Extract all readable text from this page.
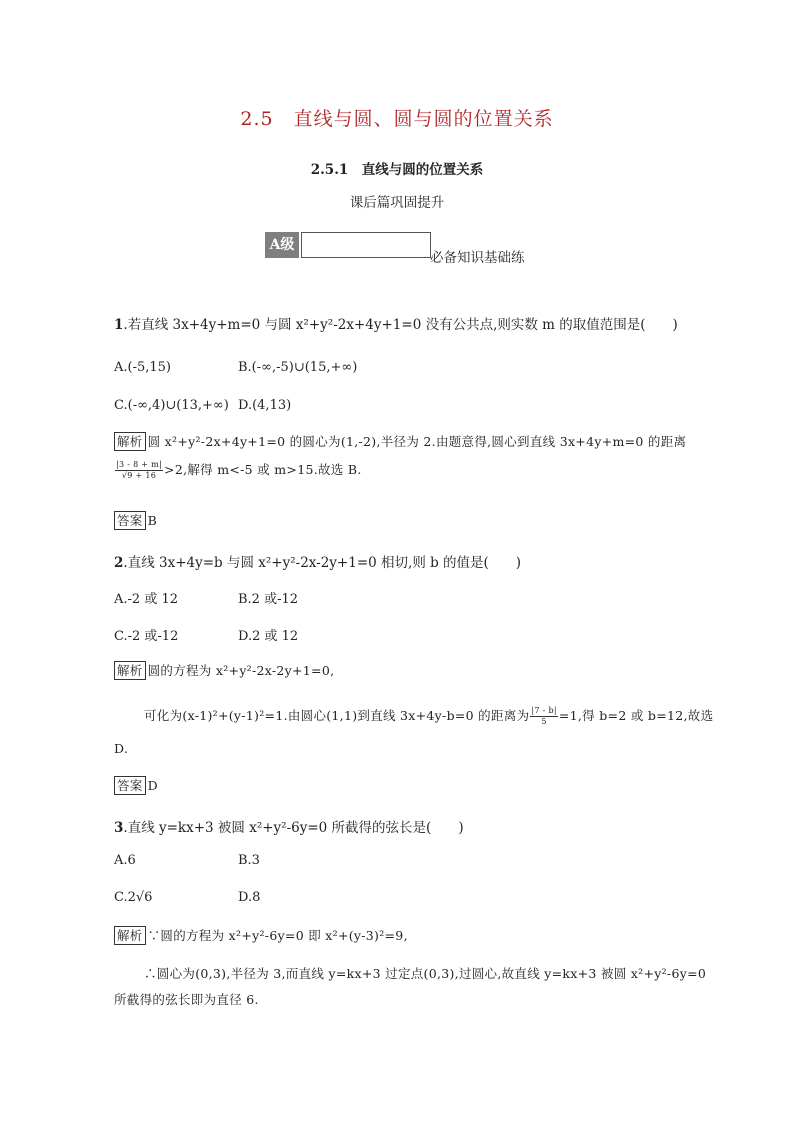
2.5　直线与圆、圆与圆的位置关系
2.5.1　直线与圆的位置关系
课后篇巩固提升
A级
必备知识基础练
1.若直线 3x+4y+m=0 与圆 x²+y²-2x+4y+1=0 没有公共点,则实数 m 的取值范围是(　　)
A.(-5,15)	B.(-∞,-5)∪(15,+∞)
C.(-∞,4)∪(13,+∞) D.(4,13)
解析 圆 x²+y²-2x+4y+1=0 的圆心为(1,-2),半径为 2.由题意得,圆心到直线 3x+4y+m=0 的距离
$\frac{|3 - 8 + m|}{√9 + 16} >2$,解得 m<-5 或 m>15.故选 B.
答案 B
2.直线 3x+4y=b 与圆 x²+y²-2x-2y+1=0 相切,则 b 的值是(　　)
A.-2 或 12	B.2 或-12
C.-2 或-12	D.2 或 12
解析 圆的方程为 x²+y²-2x-2y+1=0,
可化为(x-1)²+(y-1)²=1.由圆心(1,1)到直线 3x+4y-b=0 的距离为 $\frac{|7 - b|}{5} =1$,得 b=2 或 b=12,故选
D.
答案 D
3.直线 y=kx+3 被圆 x²+y²-6y=0 所截得的弦长是(　　)
A.6	B.3
C.2√6	D.8
解析 ∵圆的方程为 x²+y²-6y=0 即 x²+(y-3)²=9,
∴圆心为(0,3),半径为 3,而直线 y=kx+3 过定点(0,3),过圆心,故直线 y=kx+3 被圆 x²+y²-6y=0
所截得的弦长即为直径 6.
